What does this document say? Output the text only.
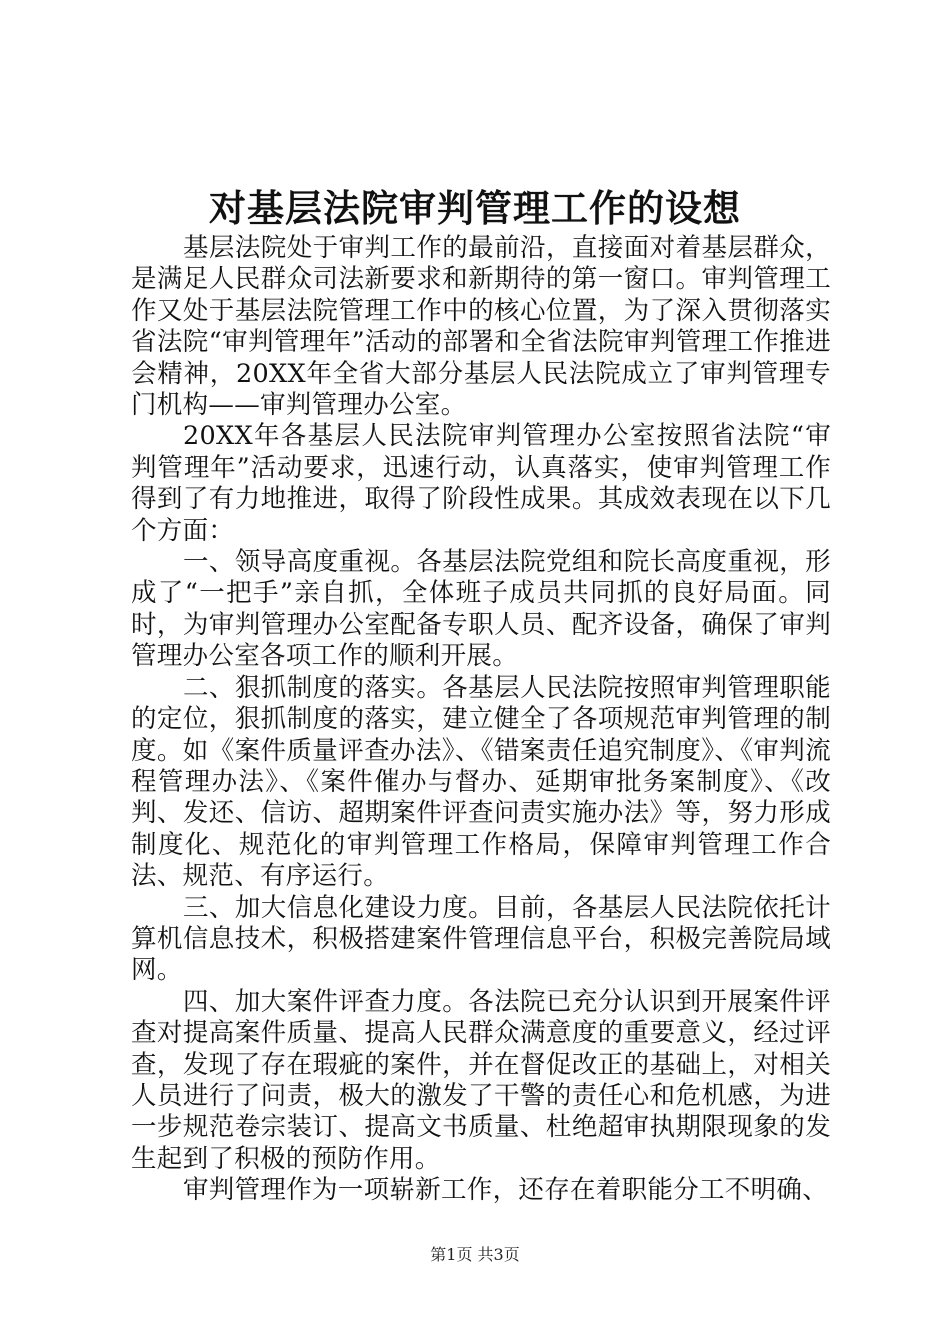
对基层法院审判管理工作的设想

基层法院处于审判工作的最前沿，直接面对着基层群众，是满足人民群众司法新要求和新期待的第一窗口。审判管理工作又处于基层法院管理工作中的核心位置，为了深入贯彻落实省法院“审判管理年”活动的部署和全省法院审判管理工作推进会精神，20XX年全省大部分基层人民法院成立了审判管理专门机构——审判管理办公室。

20XX年各基层人民法院审判管理办公室按照省法院“审判管理年”活动要求，迅速行动，认真落实，使审判管理工作得到了有力地推进，取得了阶段性成果。其成效表现在以下几个方面：

一、领导高度重视。各基层法院党组和院长高度重视，形成了“一把手”亲自抓，全体班子成员共同抓的良好局面。同时，为审判管理办公室配备专职人员、配齐设备，确保了审判管理办公室各项工作的顺利开展。

二、狠抓制度的落实。各基层人民法院按照审判管理职能的定位，狠抓制度的落实，建立健全了各项规范审判管理的制度。如《案件质量评查办法》、《错案责任追究制度》、《审判流程管理办法》、《案件催办与督办、延期审批务案制度》、《改判、发还、信访、超期案件评查问责实施办法》等，努力形成制度化、规范化的审判管理工作格局，保障审判管理工作合法、规范、有序运行。

三、加大信息化建设力度。目前，各基层人民法院依托计算机信息技术，积极搭建案件管理信息平台，积极完善院局域网。

四、加大案件评查力度。各法院已充分认识到开展案件评查对提高案件质量、提高人民群众满意度的重要意义，经过评查，发现了存在瑕疵的案件，并在督促改正的基础上，对相关人员进行了问责，极大的激发了干警的责任心和危机感，为进一步规范卷宗装订、提高文书质量、杜绝超审执期限现象的发生起到了积极的预防作用。

审判管理作为一项崭新工作，还存在着职能分工不明确、

第1页 共3页
